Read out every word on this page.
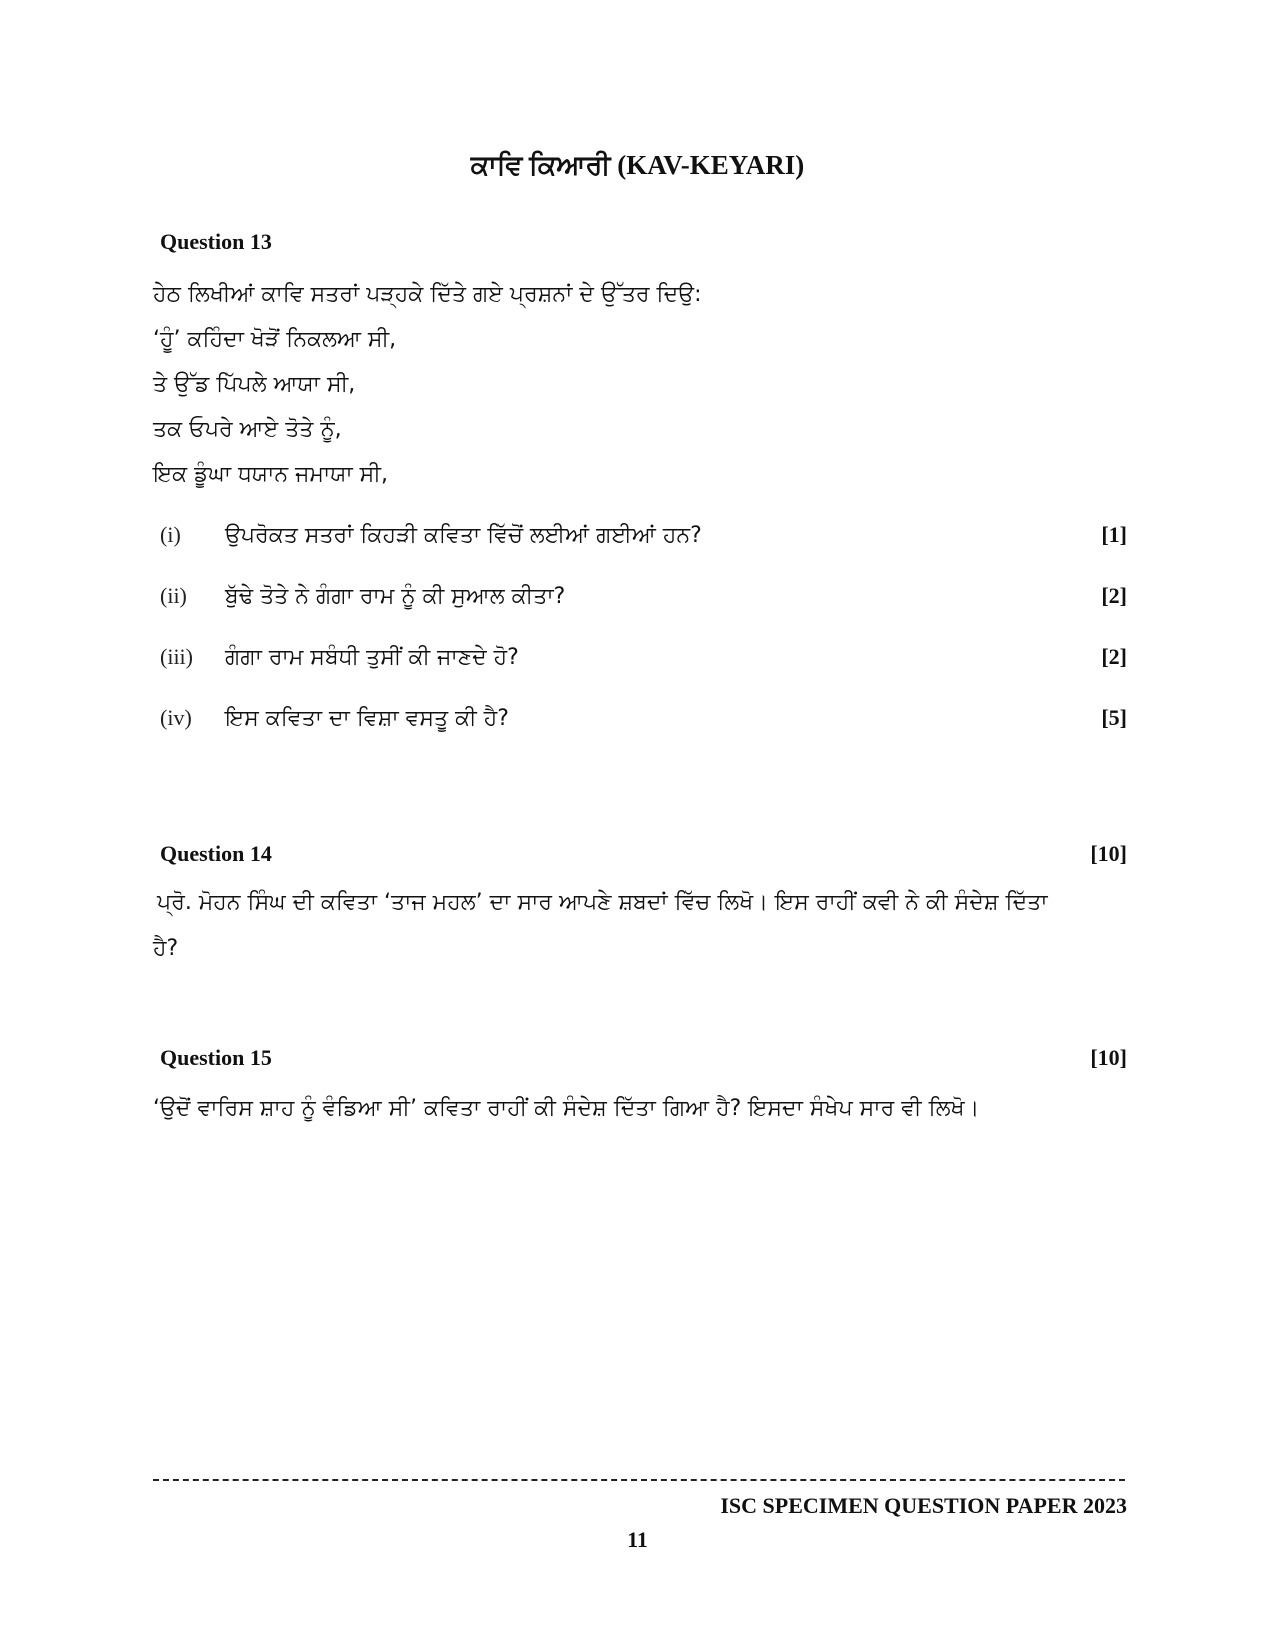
ਕਾਵਿ ਕਿਆਰੀ (KAV-KEYARI)
Question 13
ਹੇਠ ਲਿਖੀਆਂ ਕਾਵਿ ਸਤਰਾਂ ਪੜ੍ਹਕੇ ਦਿੱਤੇ ਗਏ ਪ੍ਰਸ਼ਨਾਂ ਦੇ ਉੱਤਰ ਦਿਉ:
‘ਹੂੰ’ ਕਹਿੰਦਾ ਖੋੜੋਂ ਨਿਕਲਆ ਸੀ,
ਤੇ ਉੱਡ ਪਿੱਪਲੇ ਆਯਾ ਸੀ,
ਤਕ ਓਪਰੇ ਆਏ ਤੋਤੇ ਨੂੰ,
ਇਕ ਡੂੰਘਾ ਧਯਾਨ ਜਮਾਯਾ ਸੀ,
(i)	ਉਪਰੋਕਤ ਸਤਰਾਂ ਕਿਹੜੀ ਕਵਿਤਾ ਵਿੱਚੋਂ ਲਈਆਂ ਗਈਆਂ ਹਨ?	[1]
(ii)	ਬੁੱਢੇ ਤੋਤੇ ਨੇ ਗੰਗਾ ਰਾਮ ਨੂੰ ਕੀ ਸੁਆਲ ਕੀਤਾ?	[2]
(iii)	ਗੰਗਾ ਰਾਮ ਸਬੰਧੀ ਤੁਸੀਂ ਕੀ ਜਾਣਦੇ ਹੋ?	[2]
(iv)	ਇਸ ਕਵਿਤਾ ਦਾ ਵਿਸ਼ਾ ਵਸਤੂ ਕੀ ਹੈ?	[5]
Question 14	[10]
ਪ੍ਰੋ. ਮੋਹਨ ਸਿੰਘ ਦੀ ਕਵਿਤਾ ‘ਤਾਜ ਮਹਲ’ ਦਾ ਸਾਰ ਆਪਣੇ ਸ਼ਬਦਾਂ ਵਿੱਚ ਲਿਖੋ। ਇਸ ਰਾਹੀਂ ਕਵੀ ਨੇ ਕੀ ਸੰਦੇਸ਼ ਦਿੱਤਾ ਹੈ?
Question 15	[10]
‘ਉਦੋਂ ਵਾਰਿਸ ਸ਼ਾਹ ਨੂੰ ਵੰਡਿਆ ਸੀ’ ਕਵਿਤਾ ਰਾਹੀਂ ਕੀ ਸੰਦੇਸ਼ ਦਿੱਤਾ ਗਿਆ ਹੈ? ਇਸਦਾ ਸੰਖੇਪ ਸਾਰ ਵੀ ਲਿਖੋ।
ISC SPECIMEN QUESTION PAPER 2023
11
